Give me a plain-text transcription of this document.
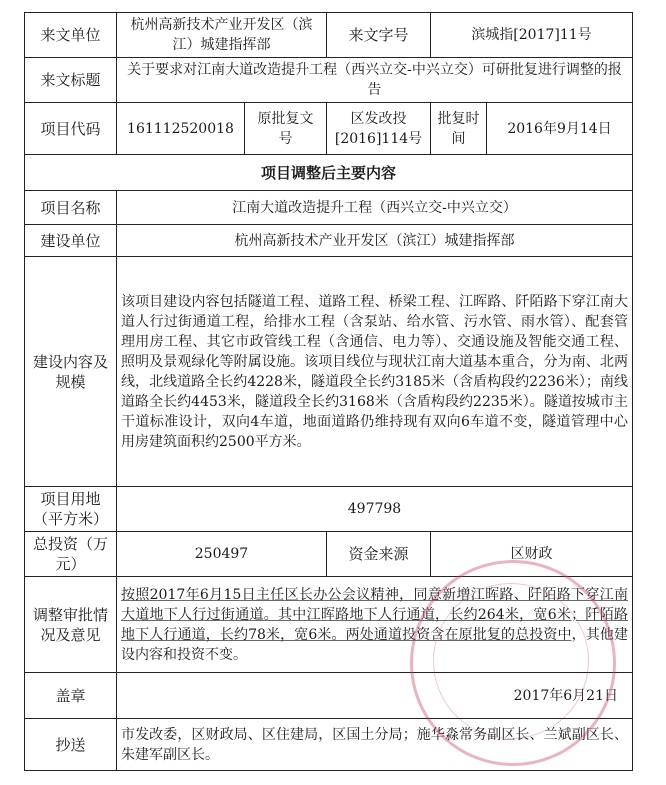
来文单位	杭州高新技术产业开发区（滨江）城建指挥部		来文字号	滨城指[2017]11号	
来文标题	关于要求对江南大道改造提升工程（西兴立交-中兴立交）可研批复进行调整的报告				
项目代码	161112520018	原批复文 号	区发改投[2016]114号	批复时间	2016年9月14日
项目调整后主要内容					
项目名称	江南大道改造提升工程（西兴立交-中兴立交）				
建设单位	杭州高新技术产业开发区（滨江）城建指挥部				
建设内容及规模	该项目建设内容包括隧道工程、道路工程、桥梁工程、江晖路、阡陌路下穿江南大道人行过街通道工程，给排水工程（含泵站、给水管、污水管、雨水管）、配套管理用房工程、其它市政管线工程（含通信、电力等）、交通设施及智能交通工程、照明及景观绿化等附属设施。该项目线位与现状江南大道基本重合，分为南、北两线，北线道路全长约4228米，隧道段全长约3185米（含盾构段约2236米）；南线道路全长约4453米，隧道段全长约3168米（含盾构段约2235米）。隧道按城市主干道标准设计，双向4车道，地面道路仍维持现有双向6车道不变，隧道管理中心用房建筑面积约2500平方米。				
项目用地（平方米）	497798				
总投资（万元）	250497		资金来源	区财政	
调整审批情况及意见	按照2017年6月15日主任区长办公会议精神，同意新增江晖路、阡陌路下穿江南大道地下人行过街通道。其中江晖路地下人行通道，长约264米，宽6米；阡陌路地下人行通道，长约78米，宽6米。两处通道投资含在原批复的总投资中，其他建设内容和投资不变。				
盖章	2017年6月21日				
抄送	市发改委，区财政局、区住建局，区国土分局；施华淼常务副区长、兰斌副区长、朱建军副区长。				
